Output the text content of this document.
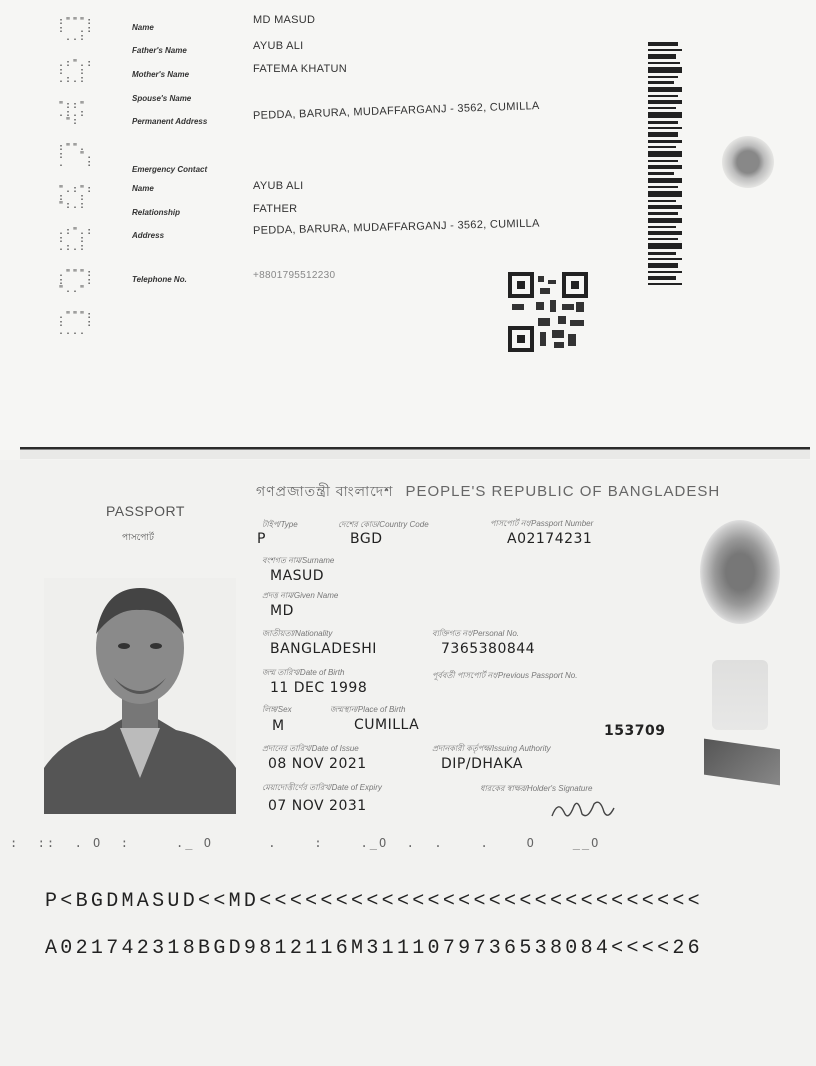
:""":
:  .:
..:
.:".:
:  :
.:.:
"::"
.:.:
":
:"".
:  ".
.   :
".:":
:  :
":.:
.:".:
:  :
.:.:
.""":
:   :
".."
.""":
:   :
....
Name
MD MASUD
Father's Name	AYUB ALI
Mother's Name	FATEMA KHATUN
Spouse's Name
Permanent Address	PEDDA, BARURA, MUDAFFARGANJ - 3562, CUMILLA
Emergency Contact
Name	AYUB ALI
Relationship	FATHER
Address	PEDDA, BARURA, MUDAFFARGANJ - 3562, CUMILLA
Telephone No.	+8801795512230
গণপ্রজাতন্ত্রী বাংলাদেশ PEOPLE'S REPUBLIC OF BANGLADESH
PASSPORT
পাসপোর্ট
টাইপ/Type	দেশের কোড/Country Code	পাসপোর্ট নং/Passport Number
P	BGD	A02174231
বংশগত নাম/Surname
MASUD
প্রদত্ত নাম/Given Name
MD
জাতীয়তা/Nationality	ব্যক্তিগত নং/Personal No.
BANGLADESHI	7365380844
জন্ম তারিখ/Date of Birth	পূর্ববর্তী পাসপোর্ট নং/Previous Passport No.
11 DEC 1998
লিঙ্গ/Sex	জন্মস্থান/Place of Birth
M	CUMILLA	153709
প্রদানের তারিখ/Date of Issue	প্রদানকারী কর্তৃপক্ষ/Issuing Authority
08 NOV 2021	DIP/DHAKA
মেয়াদোত্তীর্ণের তারিখ/Date of Expiry	ধারকের স্বাক্ষর/Holder's Signature
07 NOV 2031
:  ::  . O  :     ._ O      .    :    ._O  .  .    .    O    __O
P<BGDMASUD<<MD<<<<<<<<<<<<<<<<<<<<<<<<<<<<<
A021742318BGD9812116M3111079736538084<<<<26
